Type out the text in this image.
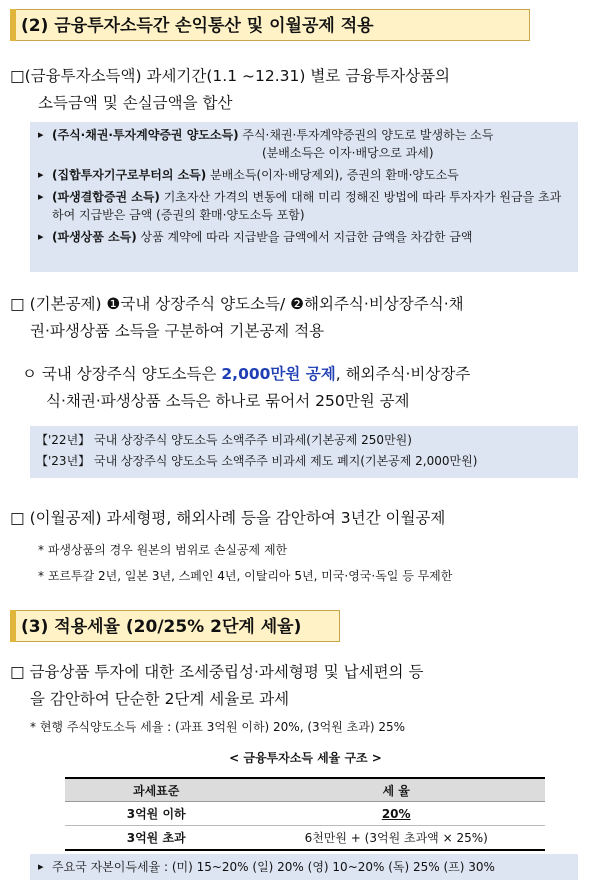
(2) 금융투자소득간 손익통산 및 이월공제 적용
□(금융투자소득액) 과세기간(1.1 ~12.31) 별로 금융투자상품의
소득금액 및 손실금액을 합산
▸ (주식·채권·투자계약증권 양도소득) 주식·채권·투자계약증권의 양도로 발생하는 소득
(분배소득은 이자·배당으로 과세)
▸ (집합투자기구로부터의 소득) 분배소득(이자·배당제외), 증권의 환매·양도소득
▸ (파생결합증권 소득) 기초자산 가격의 변동에 대해 미리 정해진 방법에 따라 투자자가 원금을 초과하여 지급받은 금액 (증권의 환매·양도소득 포함)
▸ (파생상품 소득) 상품 계약에 따라 지급받을 금액에서 지급한 금액을 차감한 금액
□ (기본공제) ❶국내 상장주식 양도소득/ ❷해외주식·비상장주식·채
권·파생상품 소득을 구분하여 기본공제 적용
ㅇ 국내 상장주식 양도소득은 2,000만원 공제, 해외주식·비상장주
식·채권·파생상품 소득은 하나로 묶어서 250만원 공제
【'22년】 국내 상장주식 양도소득 소액주주 비과세(기본공제 250만원)
【'23년】 국내 상장주식 양도소득 소액주주 비과세 제도 폐지(기본공제 2,000만원)
□ (이월공제) 과세형평, 해외사례 등을 감안하여 3년간 이월공제
* 파생상품의 경우 원본의 범위로 손실공제 제한
* 포르투갈 2년, 일본 3년, 스페인 4년, 이탈리아 5년, 미국·영국·독일 등 무제한
(3) 적용세율 (20/25% 2단계 세율)
□ 금융상품 투자에 대한 조세중립성·과세형평 및 납세편의 등
을 감안하여 단순한 2단계 세율로 과세
* 현행 주식양도소득 세율 : (과표 3억원 이하) 20%, (3억원 초과) 25%
< 금융투자소득 세율 구조 >
과세표준	세 율
3억원 이하	20%
3억원 초과	6천만원 + (3억원 초과액 × 25%)
▸ 주요국 자본이득세율 : (미) 15~20% (일) 20% (영) 10~20% (독) 25% (프) 30%
